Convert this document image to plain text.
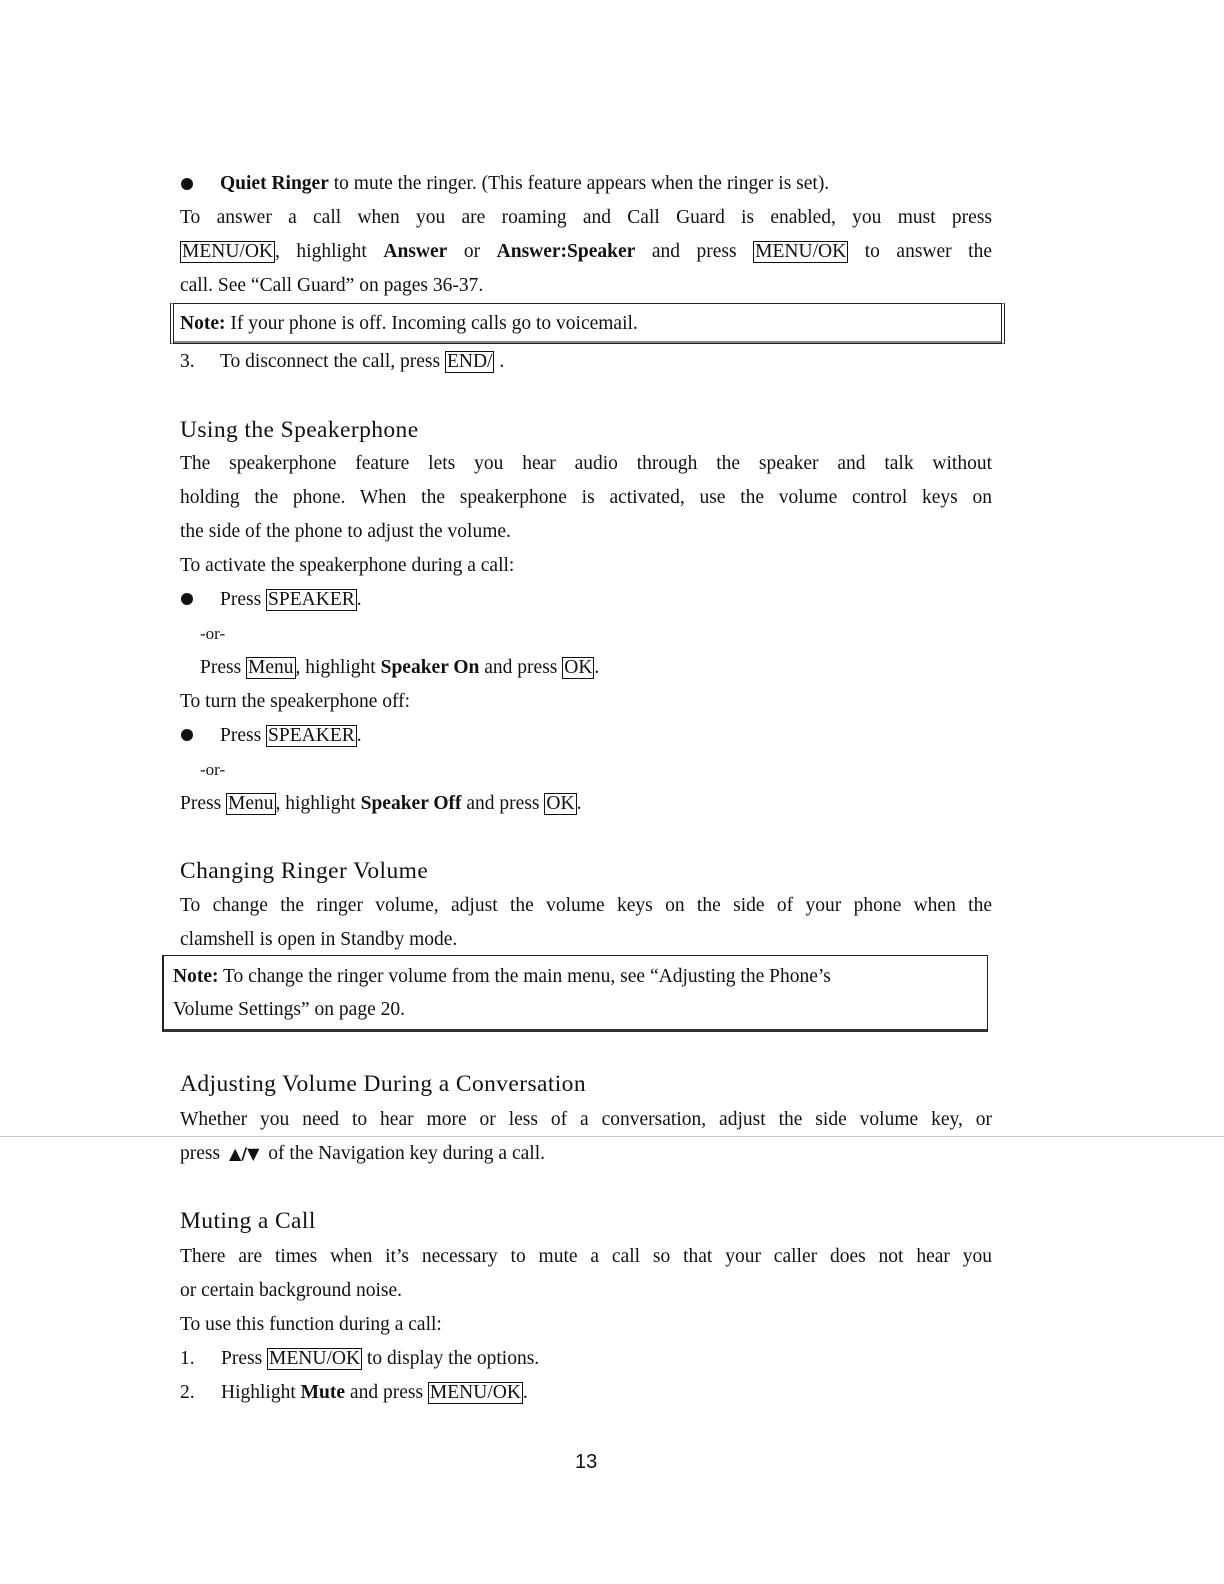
Quiet Ringer to mute the ringer. (This feature appears when the ringer is set).
To answer a call when you are roaming and Call Guard is enabled, you must press
MENU/OK , highlight Answer or Answer:Speaker and press MENU/OK to answer the
call. See “Call Guard” on pages 36-37.
Note: If your phone is off. Incoming calls go to voicemail.
3. To disconnect the call, press END/ .
Using the Speakerphone
The speakerphone feature lets you hear audio through the speaker and talk without
holding the phone. When the speakerphone is activated, use the volume control keys on
the side of the phone to adjust the volume.
To activate the speakerphone during a call:
Press SPEAKER .
-or-
Press Menu , highlight Speaker On and press OK .
To turn the speakerphone off:
Press SPEAKER .
-or-
Press Menu , highlight Speaker Off and press OK .
Changing Ringer Volume
To change the ringer volume, adjust the volume keys on the side of your phone when the
clamshell is open in Standby mode.
Note: To change the ringer volume from the main menu, see “Adjusting the Phone’s
Volume Settings” on page 20.
Adjusting Volume During a Conversation
Whether you need to hear more or less of a conversation, adjust the side volume key, or
press ▲/▼ of the Navigation key during a call.
Muting a Call
There are times when it’s necessary to mute a call so that your caller does not hear you
or certain background noise.
To use this function during a call:
1. Press MENU/OK to display the options.
2. Highlight Mute and press MENU/OK .
13
